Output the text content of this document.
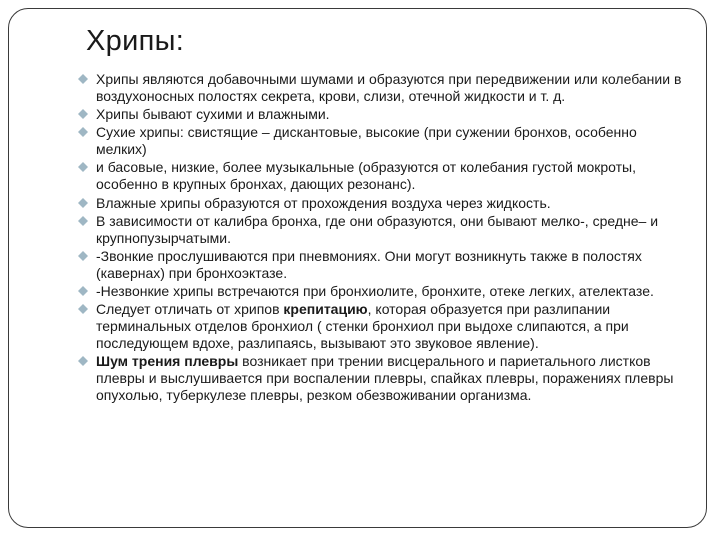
Хрипы:
Хрипы являются добавочными шумами и образуются при передвижении или колебании в воздухоносных полостях секрета, крови, слизи, отечной жидкости и т. д.
Хрипы бывают сухими и влажными.
Сухие хрипы: свистящие – дискантовые, высокие (при сужении бронхов, особенно мелких)
и басовые, низкие, более музыкальные (образуются от колебания густой мокроты, особенно в крупных бронхах, дающих резонанс).
Влажные хрипы образуются от прохождения воздуха через жидкость.
В зависимости от калибра бронха, где они образуются, они бывают мелко-, средне– и крупнопузырчатыми.
-Звонкие прослушиваются при пневмониях. Они могут возникнуть также в полостях (кавернах) при бронхоэктазе.
-Незвонкие хрипы встречаются при бронхиолите, бронхите, отеке легких, ателектазе.
Следует отличать от хрипов крепитацию, которая образуется при разлипании терминальных отделов бронхиол ( стенки бронхиол при выдохе слипаются, а при последующем вдохе, разлипаясь, вызывают это звуковое явление).
Шум трения плевры возникает при трении висцерального и париетального листков плевры и выслушивается при воспалении плевры, спайках плевры, поражениях плевры опухолью, туберкулезе плевры, резком обезвоживании организма.
